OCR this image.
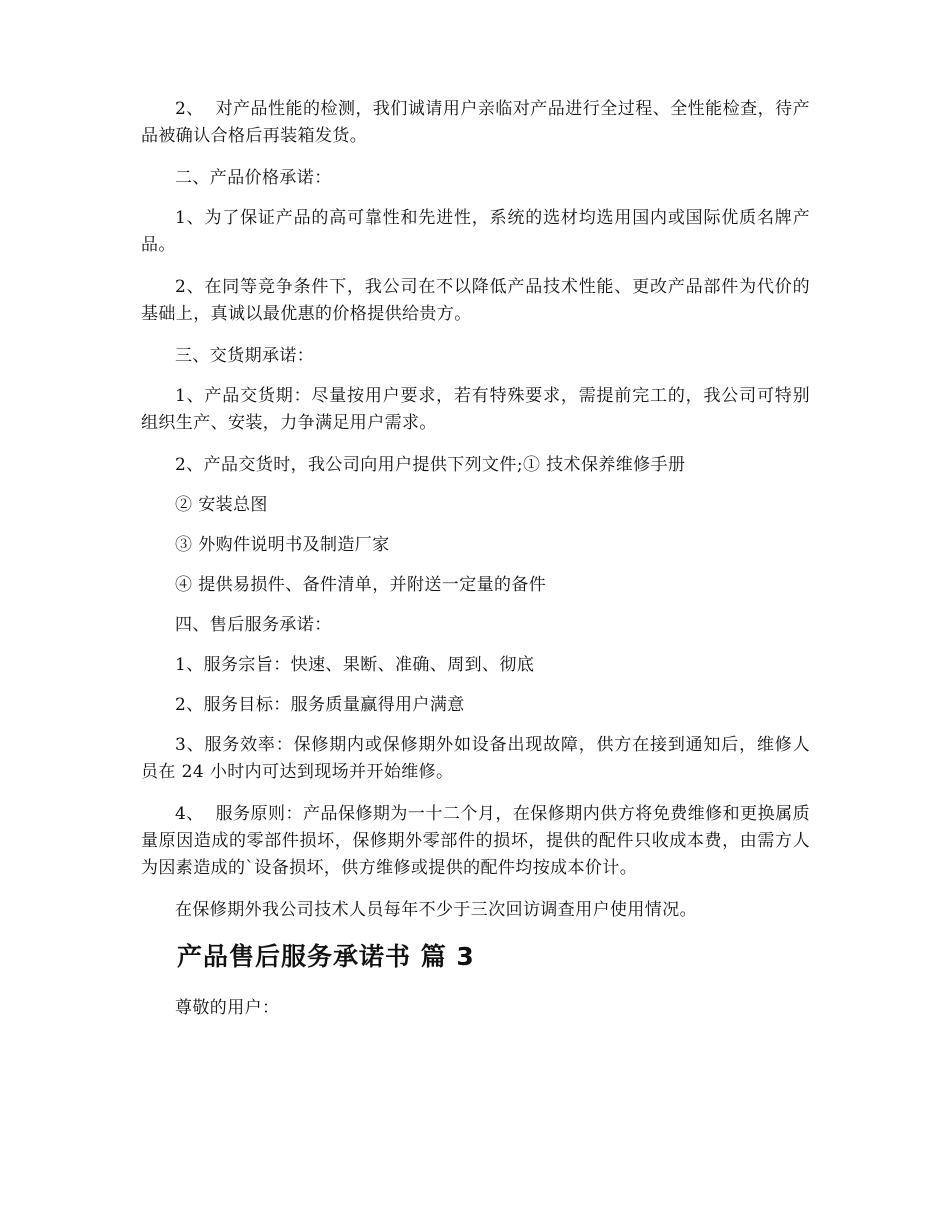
2、  对产品性能的检测，我们诚请用户亲临对产品进行全过程、全性能检查，待产品被确认合格后再装箱发货。

二、产品价格承诺：

1、为了保证产品的高可靠性和先进性，系统的选材均选用国内或国际优质名牌产品。

2、在同等竞争条件下，我公司在不以降低产品技术性能、更改产品部件为代价的基础上，真诚以最优惠的价格提供给贵方。

三、交货期承诺：

1、产品交货期：尽量按用户要求，若有特殊要求，需提前完工的，我公司可特别组织生产、安装，力争满足用户需求。

2、产品交货时，我公司向用户提供下列文件;① 技术保养维修手册

② 安装总图

③ 外购件说明书及制造厂家

④ 提供易损件、备件清单，并附送一定量的备件

四、售后服务承诺：

1、服务宗旨：快速、果断、准确、周到、彻底

2、服务目标：服务质量赢得用户满意

3、服务效率：保修期内或保修期外如设备出现故障，供方在接到通知后，维修人员在 24 小时内可达到现场并开始维修。

4、  服务原则：产品保修期为一十二个月，在保修期内供方将免费维修和更换属质量原因造成的零部件损坏，保修期外零部件的损坏，提供的配件只收成本费，由需方人为因素造成的`设备损坏，供方维修或提供的配件均按成本价计。

在保修期外我公司技术人员每年不少于三次回访调查用户使用情况。

产品售后服务承诺书 篇 3

尊敬的用户：
